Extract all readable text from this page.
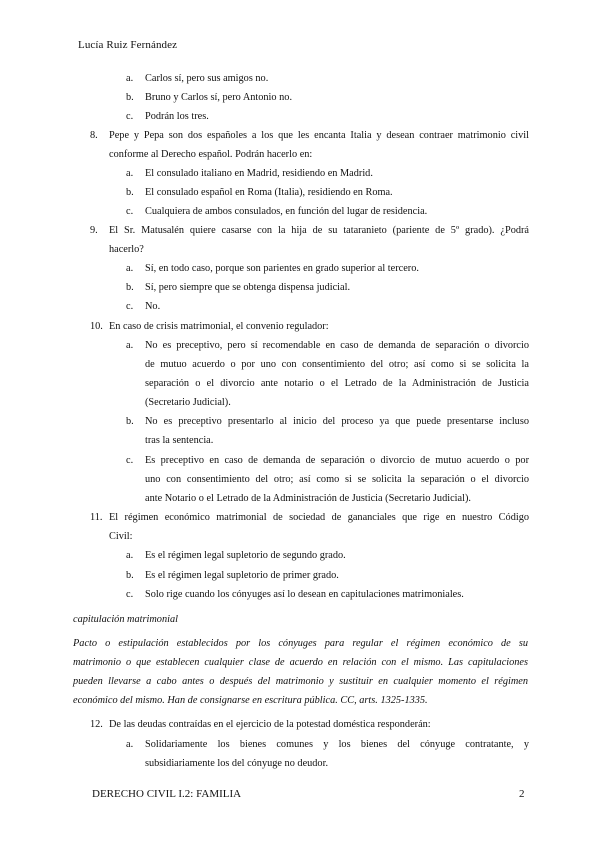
Lucía Ruiz Fernández
a. Carlos sí, pero sus amigos no.
b. Bruno y Carlos sí, pero Antonio no.
c. Podrán los tres.
8. Pepe y Pepa son dos españoles a los que les encanta Italia y desean contraer matrimonio civil
conforme al Derecho español. Podrán hacerlo en:
a. El consulado italiano en Madrid, residiendo en Madrid.
b. El consulado español en Roma (Italia), residiendo en Roma.
c. Cualquiera de ambos consulados, en función del lugar de residencia.
9. El Sr. Matusalén quiere casarse con la hija de su tataranieto (pariente de 5º grado). ¿Podrá
hacerlo?
a. Sí, en todo caso, porque son parientes en grado superior al tercero.
b. Sí, pero siempre que se obtenga dispensa judicial.
c. No.
10. En caso de crisis matrimonial, el convenio regulador:
a. No es preceptivo, pero sí recomendable en caso de demanda de separación o divorcio
de mutuo acuerdo o por uno con consentimiento del otro; así como si se solicita la
separación o el divorcio ante notario o el Letrado de la Administración de Justicia
(Secretario Judicial).
b. No es preceptivo presentarlo al inicio del proceso ya que puede presentarse incluso
tras la sentencia.
c. Es preceptivo en caso de demanda de separación o divorcio de mutuo acuerdo o por
uno con consentimiento del otro; así como si se solicita la separación o el divorcio
ante Notario o el Letrado de la Administración de Justicia (Secretario Judicial).
11. El régimen económico matrimonial de sociedad de gananciales que rige en nuestro Código
Civil:
a. Es el régimen legal supletorio de segundo grado.
b. Es el régimen legal supletorio de primer grado.
c. Solo rige cuando los cónyuges así lo desean en capitulaciones matrimoniales.
capitulación matrimonial
Pacto o estipulación establecidos por los cónyuges para regular el régimen económico de su
matrimonio o que establecen cualquier clase de acuerdo en relación con el mismo. Las capitulaciones
pueden llevarse a cabo antes o después del matrimonio y sustituir en cualquier momento el régimen
económico del mismo. Han de consignarse en escritura pública. CC, arts. 1325-1335.
12. De las deudas contraídas en el ejercicio de la potestad doméstica responderán:
a. Solidariamente los bienes comunes y los bienes del cónyuge contratante, y
subsidiariamente los del cónyuge no deudor.
DERECHO CIVIL I.2: FAMILIA	2
